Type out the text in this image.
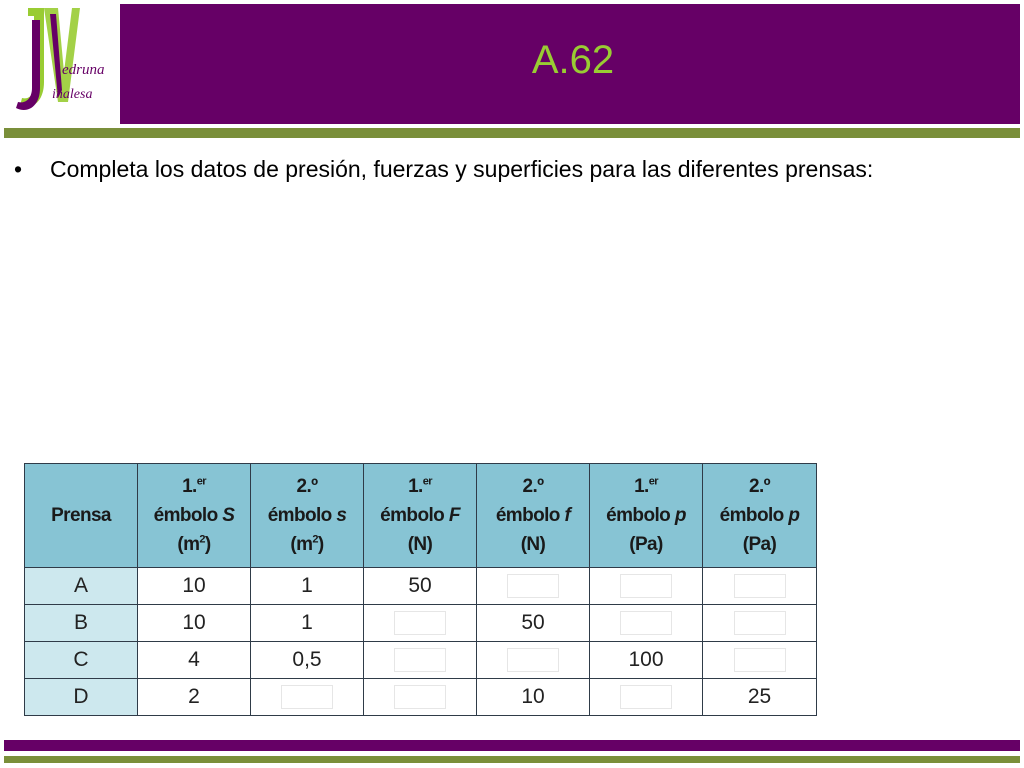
edruna
inalesa
A.62
• Completa los datos de presión, fuerzas y superficies para las diferentes prensas:
Prensa	1.$^{er}$
émbolo S
$(m^2)$	2.º
émbolo s
$(m^2)$	1.$^{er}$
émbolo F
(N)	2.º
émbolo f
(N)	1.$^{er}$
émbolo p
(Pa)	2.º
émbolo p
(Pa)
A	10	1	50			
B	10	1		50		
C	4	0,5			100	
D	2			10		25
